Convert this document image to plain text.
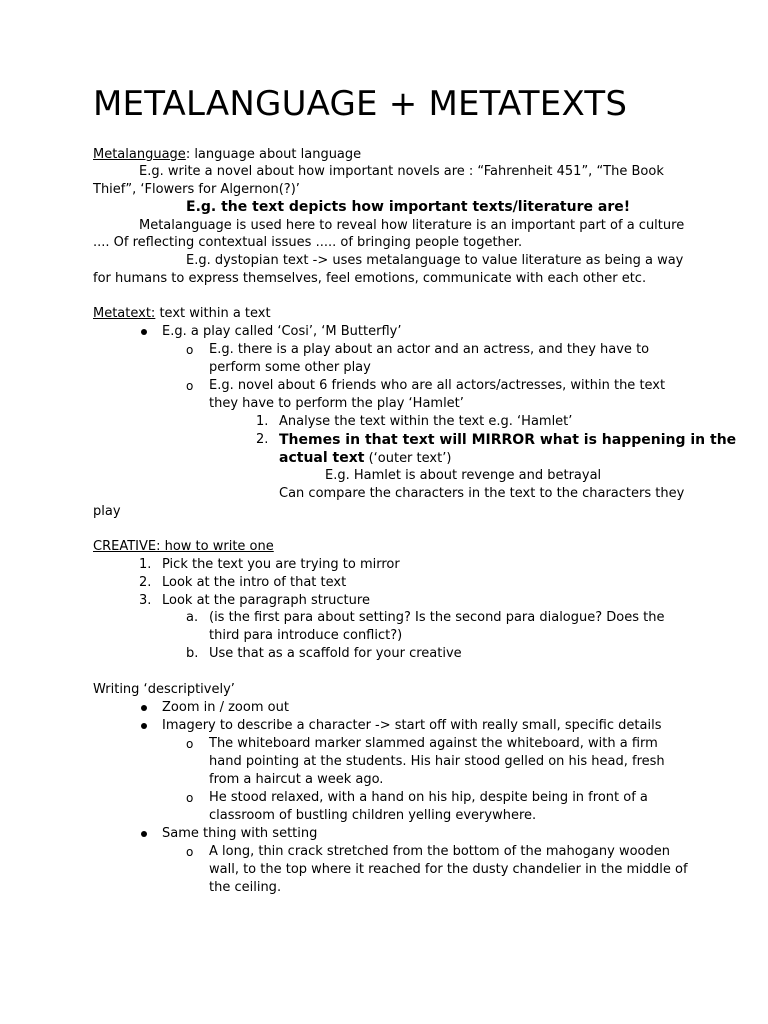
METALANGUAGE + METATEXTS
Metalanguage: language about language
E.g. write a novel about how important novels are : “Fahrenheit 451”, “The Book
Thief”, ‘Flowers for Algernon(?)’
E.g. the text depicts how important texts/literature are!
Metalanguage is used here to reveal how literature is an important part of a culture
.... Of reflecting contextual issues ..... of bringing people together.
E.g. dystopian text -> uses metalanguage to value literature as being a way
for humans to express themselves, feel emotions, communicate with each other etc.
Metatext: text within a text
E.g. a play called ‘Cosi’, ‘M Butterfly’
o E.g. there is a play about an actor and an actress, and they have to
perform some other play
o E.g. novel about 6 friends who are all actors/actresses, within the text
they have to perform the play ‘Hamlet’
1. Analyse the text within the text e.g. ‘Hamlet’
2. Themes in that text will MIRROR what is happening in the
actual text (‘outer text’)
E.g. Hamlet is about revenge and betrayal
Can compare the characters in the text to the characters they
play
CREATIVE: how to write one
1. Pick the text you are trying to mirror
2. Look at the intro of that text
3. Look at the paragraph structure
a. (is the first para about setting? Is the second para dialogue? Does the
third para introduce conflict?)
b. Use that as a scaffold for your creative
Writing ‘descriptively’
Zoom in / zoom out
Imagery to describe a character -> start off with really small, specific details
o The whiteboard marker slammed against the whiteboard, with a firm
hand pointing at the students. His hair stood gelled on his head, fresh
from a haircut a week ago.
o He stood relaxed, with a hand on his hip, despite being in front of a
classroom of bustling children yelling everywhere.
Same thing with setting
o A long, thin crack stretched from the bottom of the mahogany wooden
wall, to the top where it reached for the dusty chandelier in the middle of
the ceiling.
